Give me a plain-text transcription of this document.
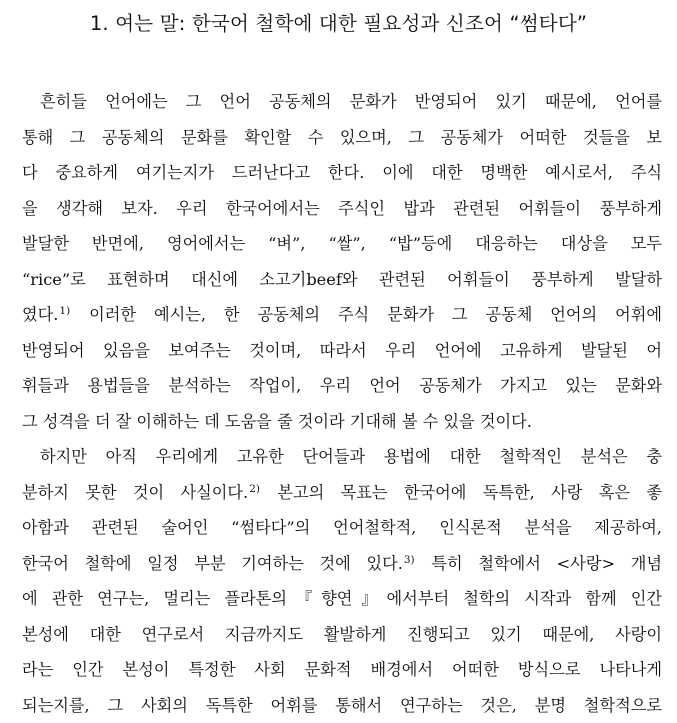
1. 여는 말: 한국어 철학에 대한 필요성과 신조어 “썸타다”
흔히들 언어에는 그 언어 공동체의 문화가 반영되어 있기 때문에, 언어를
통해 그 공동체의 문화를 확인할 수 있으며, 그 공동체가 어떠한 것들을 보
다 중요하게 여기는지가 드러난다고 한다. 이에 대한 명백한 예시로서, 주식
을 생각해 보자. 우리 한국어에서는 주식인 밥과 관련된 어휘들이 풍부하게
발달한 반면에, 영어에서는 “벼”, “쌀”, “밥”등에 대응하는 대상을 모두
“rice”로 표현하며 대신에 소고기beef와 관련된 어휘들이 풍부하게 발달하
였다.$^{1)}$ 이러한 예시는, 한 공동체의 주식 문화가 그 공동체 언어의 어휘에
반영되어 있음을 보여주는 것이며, 따라서 우리 언어에 고유하게 발달된 어
휘들과 용법들을 분석하는 작업이, 우리 언어 공동체가 가지고 있는 문화와
그 성격을 더 잘 이해하는 데 도움을 줄 것이라 기대해 볼 수 있을 것이다.
하지만 아직 우리에게 고유한 단어들과 용법에 대한 철학적인 분석은 충
분하지 못한 것이 사실이다.$^{2)}$ 본고의 목표는 한국어에 독특한, 사랑 혹은 좋
아함과 관련된 술어인 “썸타다”의 언어철학적, 인식론적 분석을 제공하여,
한국어 철학에 일정 부분 기여하는 것에 있다.$^{3)}$ 특히 철학에서 <사랑> 개념
에 관한 연구는, 멀리는 플라톤의『향연』에서부터 철학의 시작과 함께 인간
본성에 대한 연구로서 지금까지도 활발하게 진행되고 있기 때문에, 사랑이
라는 인간 본성이 특정한 사회 문화적 배경에서 어떠한 방식으로 나타나게
되는지를, 그 사회의 독특한 어휘를 통해서 연구하는 것은, 분명 철학적으로
